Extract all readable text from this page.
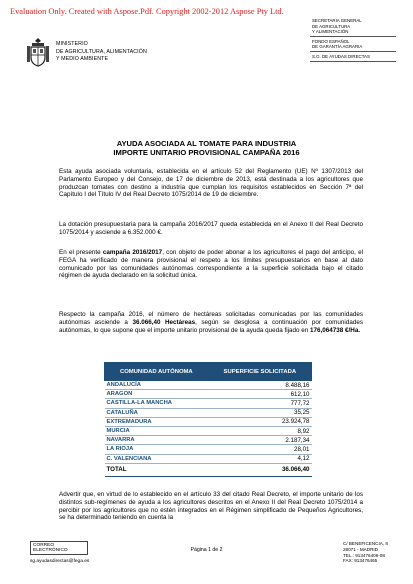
Evaluation Only. Created with Aspose.Pdf. Copyright 2002-2012 Aspose Pty Ltd.
MINISTERIO
DE AGRICULTURA, ALIMENTACIÓN
Y MEDIO AMBIENTE
SECRETARIA GENERAL
DE AGRICULTURA
Y ALIMENTACIÓN
FONDO ESPAÑOL
DE GARANTÍA AGRARIA
S.G. DE AYUDAS DIRECTAS
AYUDA ASOCIADA AL TOMATE PARA INDUSTRIA
IMPORTE UNITARIO PROVISIONAL CAMPAÑA 2016
Esta ayuda asociada voluntaria, establecida en el artículo 52 del Reglamento (UE) Nº 1307/2013 del Parlamento Europeo y del Consejo, de 17 de diciembre de 2013, está destinada a los agricultores que produzcan tomates con destino a industria que cumplan los requisitos establecidos en Sección 7ª del Capítulo I del Título IV del Real Decreto 1075/2014 de 19 de diciembre.
La dotación presupuestaria para la campaña 2016/2017 queda establecida en el Anexo II del Real Decreto 1075/2014 y asciende a 6.352.000 €.
En el presente campaña 2016/2017, con objeto de poder abonar a los agricultores el pago del anticipo, el FEGA ha verificado de manera provisional el respeto a los límites presupuestarios en base al dato comunicado por las comunidades autónomas correspondiente a la superficie solicitada bajo el citado régimen de ayuda declarado en la solicitud única.
Respecto la campaña 2016, el número de hectáreas solicitadas comunicadas por las comunidades autónomas asciende a 36.066,40 Hectáreas, según se desglosa a continuación por comunidades autónomas, lo que supone que el importe unitario provisional de la ayuda queda fijado en 176,064738 €/Ha.
COMUNIDAD AUTÓNOMA	SUPERFICIE SOLICITADA
ANDALUCÍA	8.488,16
ARAGON	612,10
CASTILLA-LA MANCHA	777,72
CATALUÑA	35,25
EXTREMADURA	23.924,78
MURCIA	8,92
NAVARRA	2.187,34
LA RIOJA	28,01
C. VALENCIANA	4,12
TOTAL	36.066,40
Advertir que, en virtud de lo establecido en el artículo 33 del citado Real Decreto, el importe unitario de los distintos sub-regímenes de ayuda a los agricultores descritos en el Anexo II del Real Decreto 1075/2014 a percibir por los agricultores que no estén integrados en el Régimen simplificado de Pequeños Agricultores, se ha determinado teniendo en cuenta la
CORREO ELECTRÓNICO
sg.ayudasdirectas@fega.es
Página 1 de 2
C/ BENEFICENCIA, 8
28071 - MADRID
TEL.: 913476406-08
FAX: 913476465
